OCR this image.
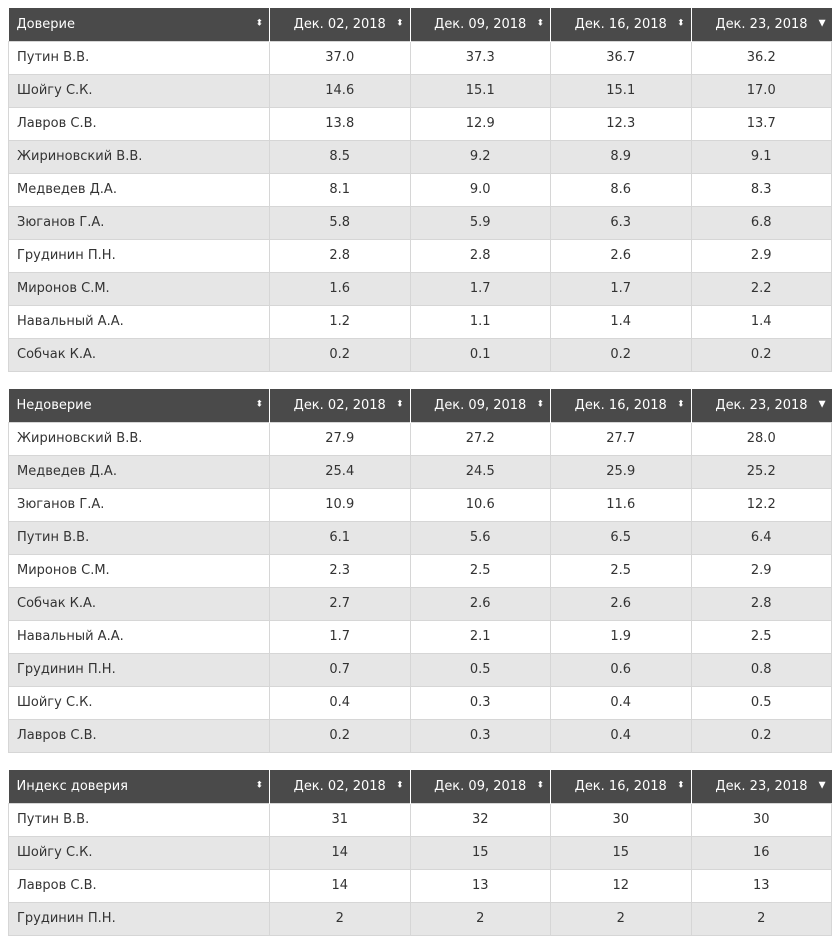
Доверие ⬍	Дек. 02, 2018 ⬍	Дек. 09, 2018 ⬍	Дек. 16, 2018 ⬍	Дек. 23, 2018 ▼

Путин В.В.	37.0	37.3	36.7	36.2
Шойгу С.К.	14.6	15.1	15.1	17.0
Лавров С.В.	13.8	12.9	12.3	13.7
Жириновский В.В.	8.5	9.2	8.9	9.1
Медведев Д.А.	8.1	9.0	8.6	8.3
Зюганов Г.А.	5.8	5.9	6.3	6.8
Грудинин П.Н.	2.8	2.8	2.6	2.9
Миронов С.М.	1.6	1.7	1.7	2.2
Навальный А.А.	1.2	1.1	1.4	1.4
Собчак К.А.	0.2	0.1	0.2	0.2
Недоверие ⬍	Дек. 02, 2018 ⬍	Дек. 09, 2018 ⬍	Дек. 16, 2018 ⬍	Дек. 23, 2018 ▼

Жириновский В.В.	27.9	27.2	27.7	28.0
Медведев Д.А.	25.4	24.5	25.9	25.2
Зюганов Г.А.	10.9	10.6	11.6	12.2
Путин В.В.	6.1	5.6	6.5	6.4
Миронов С.М.	2.3	2.5	2.5	2.9
Собчак К.А.	2.7	2.6	2.6	2.8
Навальный А.А.	1.7	2.1	1.9	2.5
Грудинин П.Н.	0.7	0.5	0.6	0.8
Шойгу С.К.	0.4	0.3	0.4	0.5
Лавров С.В.	0.2	0.3	0.4	0.2
Индекс доверия ⬍	Дек. 02, 2018 ⬍	Дек. 09, 2018 ⬍	Дек. 16, 2018 ⬍	Дек. 23, 2018 ▼

Путин В.В.	31	32	30	30
Шойгу С.К.	14	15	15	16
Лавров С.В.	14	13	12	13
Грудинин П.Н.	2	2	2	2
